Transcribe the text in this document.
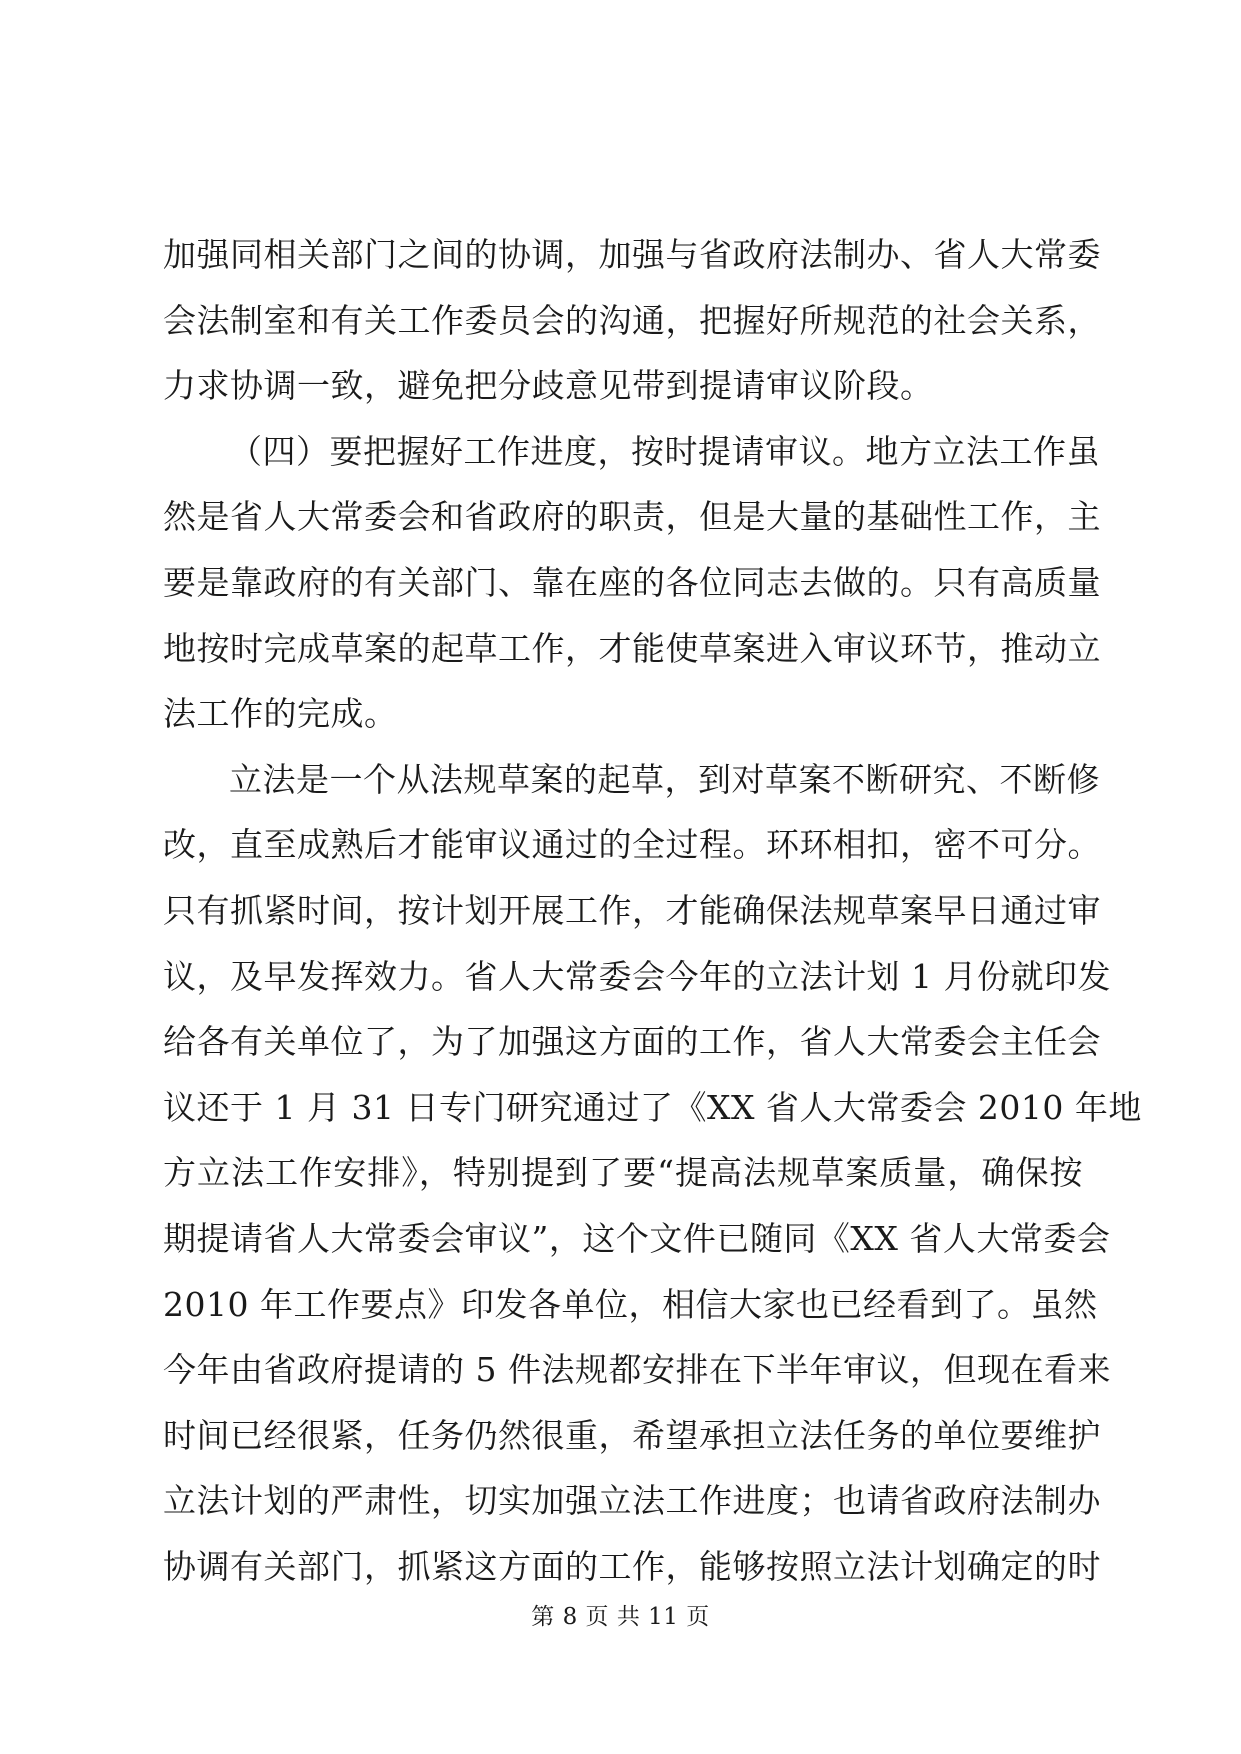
加强同相关部门之间的协调，加强与省政府法制办、省人大常委
会法制室和有关工作委员会的沟通，把握好所规范的社会关系，
力求协调一致，避免把分歧意见带到提请审议阶段。
（四）要把握好工作进度，按时提请审议。地方立法工作虽
然是省人大常委会和省政府的职责，但是大量的基础性工作，主
要是靠政府的有关部门、靠在座的各位同志去做的。只有高质量
地按时完成草案的起草工作，才能使草案进入审议环节，推动立
法工作的完成。
立法是一个从法规草案的起草，到对草案不断研究、不断修
改，直至成熟后才能审议通过的全过程。环环相扣，密不可分。
只有抓紧时间，按计划开展工作，才能确保法规草案早日通过审
议，及早发挥效力。省人大常委会今年的立法计划 1 月份就印发
给各有关单位了，为了加强这方面的工作，省人大常委会主任会
议还于 1 月 31 日专门研究通过了《XX 省人大常委会 2010 年地
方立法工作安排》，特别提到了要“提高法规草案质量，确保按
期提请省人大常委会审议”，这个文件已随同《XX 省人大常委会
2010 年工作要点》印发各单位，相信大家也已经看到了。虽然
今年由省政府提请的 5 件法规都安排在下半年审议，但现在看来
时间已经很紧，任务仍然很重，希望承担立法任务的单位要维护
立法计划的严肃性，切实加强立法工作进度；也请省政府法制办
协调有关部门，抓紧这方面的工作，能够按照立法计划确定的时
第 8 页 共 11 页
